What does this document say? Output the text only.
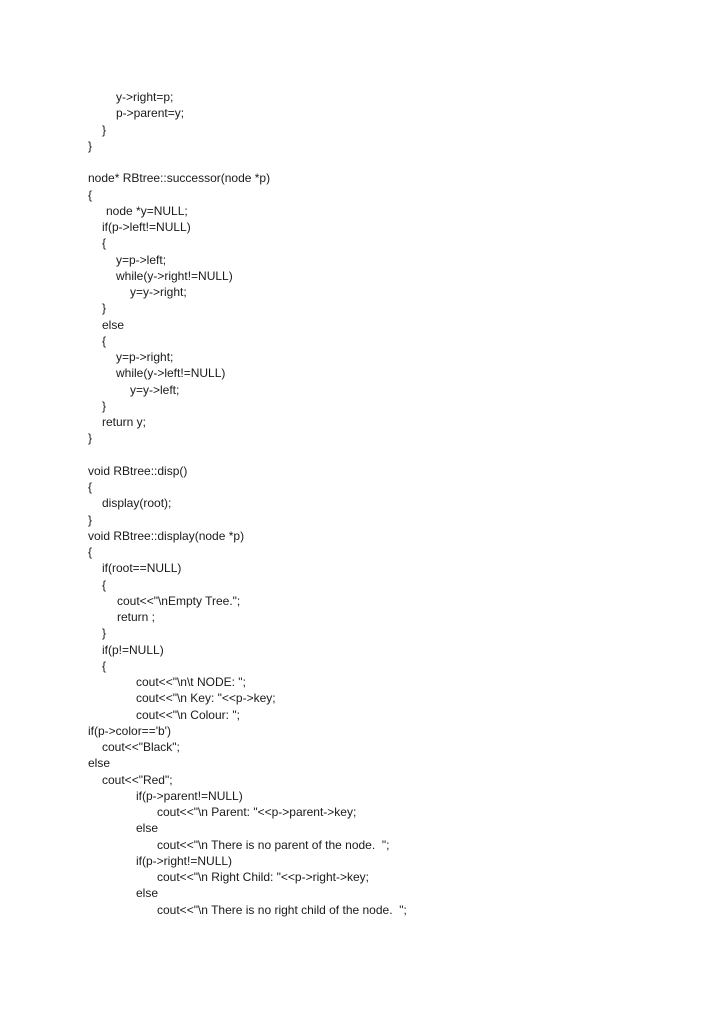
y->right=p;
p->parent=y;
}
}
node* RBtree::successor(node *p)
{
node *y=NULL;
if(p->left!=NULL)
{
y=p->left;
while(y->right!=NULL)
y=y->right;
}
else
{
y=p->right;
while(y->left!=NULL)
y=y->left;
}
return y;
}
void RBtree::disp()
{
display(root);
}
void RBtree::display(node *p)
{
if(root==NULL)
{
cout<<"\nEmpty Tree.";
return ;
}
if(p!=NULL)
{
cout<<"\n\t NODE: ";
cout<<"\n Key: "<<p->key;
cout<<"\n Colour: ";
if(p->color=='b')
cout<<"Black";
else
cout<<"Red";
if(p->parent!=NULL)
cout<<"\n Parent: "<<p->parent->key;
else
cout<<"\n There is no parent of the node.  ";
if(p->right!=NULL)
cout<<"\n Right Child: "<<p->right->key;
else
cout<<"\n There is no right child of the node.  ";
